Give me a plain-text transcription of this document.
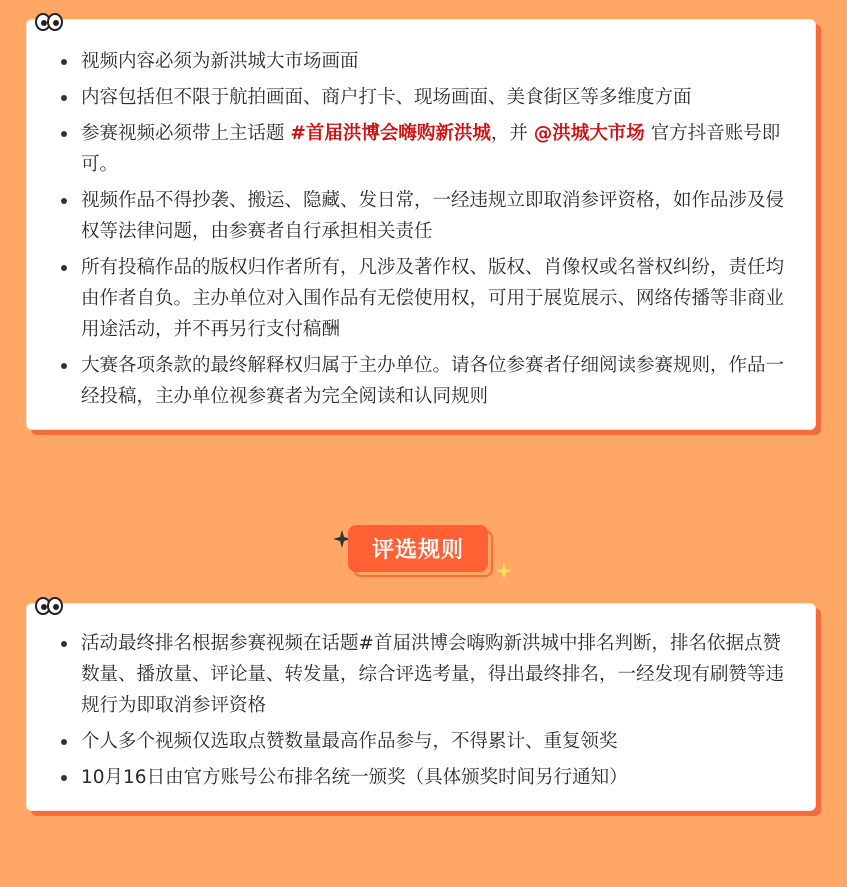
视频内容必须为新洪城大市场画面
内容包括但不限于航拍画面、商户打卡、现场画面、美食街区等多维度方面
参赛视频必须带上主话题 #首届洪博会嗨购新洪城，并 @洪城大市场 官方抖音账号即可。
视频作品不得抄袭、搬运、隐藏、发日常，一经违规立即取消参评资格，如作品涉及侵权等法律问题，由参赛者自行承担相关责任
所有投稿作品的版权归作者所有，凡涉及著作权、版权、肖像权或名誉权纠纷，责任均由作者自负。主办单位对入围作品有无偿使用权，可用于展览展示、网络传播等非商业用途活动，并不再另行支付稿酬
大赛各项条款的最终解释权归属于主办单位。请各位参赛者仔细阅读参赛规则，作品一经投稿，主办单位视参赛者为完全阅读和认同规则
评选规则
活动最终排名根据参赛视频在话题#首届洪博会嗨购新洪城中排名判断，排名依据点赞数量、播放量、评论量、转发量，综合评选考量，得出最终排名，一经发现有刷赞等违规行为即取消参评资格
个人多个视频仅选取点赞数量最高作品参与，不得累计、重复领奖
10月16日由官方账号公布排名统一颁奖（具体颁奖时间另行通知）
